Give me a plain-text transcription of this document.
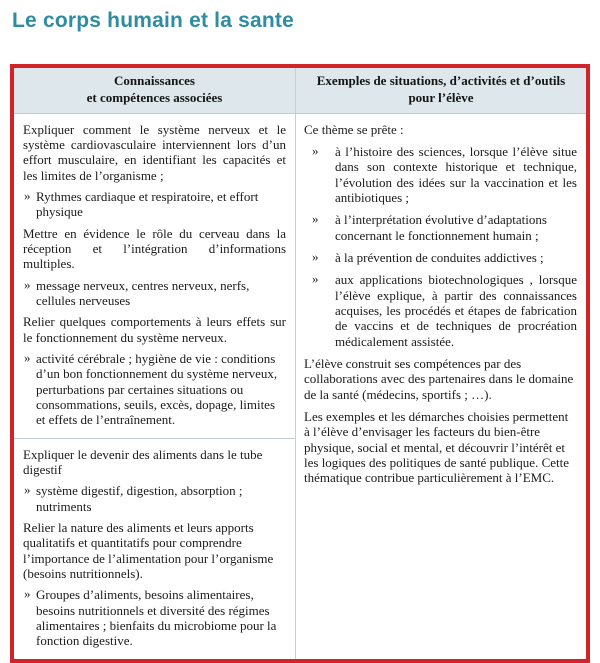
Le corps humain et la sante
Connaissances
et compétences associées
Exemples de situations, d’activités et d’outils
pour l’élève

Expliquer comment le système nerveux et le système cardiovasculaire interviennent lors d’un effort musculaire, en identifiant les capacités et les limites de l’organisme ;

» Rythmes cardiaque et respiratoire, et effort physique

Mettre en évidence le rôle du cerveau dans la réception et l’intégration d’informations multiples.

» message nerveux, centres nerveux, nerfs, cellules nerveuses

Relier quelques comportements à leurs effets sur le fonctionnement du système nerveux.

» activité cérébrale ; hygiène de vie : conditions d’un bon fonctionnement du système nerveux, perturbations par certaines situations ou consommations, seuils, excès, dopage, limites et effets de l’entraînement.

Expliquer le devenir des aliments dans le tube digestif

» système digestif, digestion, absorption ; nutriments

Relier la nature des aliments et leurs apports qualitatifs et quantitatifs pour comprendre l’importance de l’alimentation pour l’organisme (besoins nutritionnels).

» Groupes d’aliments, besoins alimentaires, besoins nutritionnels et diversité des régimes alimentaires ; bienfaits du microbiome pour la fonction digestive.

Ce thème se prête :

» à l’histoire des sciences, lorsque l’élève situe dans son contexte historique et technique, l’évolution des idées sur la vaccination et les antibiotiques ;
» à l’interprétation évolutive d’adaptations concernant le fonctionnement humain ;
» à la prévention de conduites addictives ;
» aux applications biotechnologiques , lorsque l’élève explique, à partir des connaissances acquises, les procédés et étapes de fabrication de vaccins et de techniques de procréation médicalement assistée.

L’élève construit ses compétences par des collaborations avec des partenaires dans le domaine de la santé (médecins, sportifs ; …).

Les exemples et les démarches choisies permettent à l’élève d’envisager les facteurs du bien-être physique, social et mental, et découvrir l’intérêt et les logiques des politiques de santé publique. Cette thématique contribue particulièrement à l’EMC.
